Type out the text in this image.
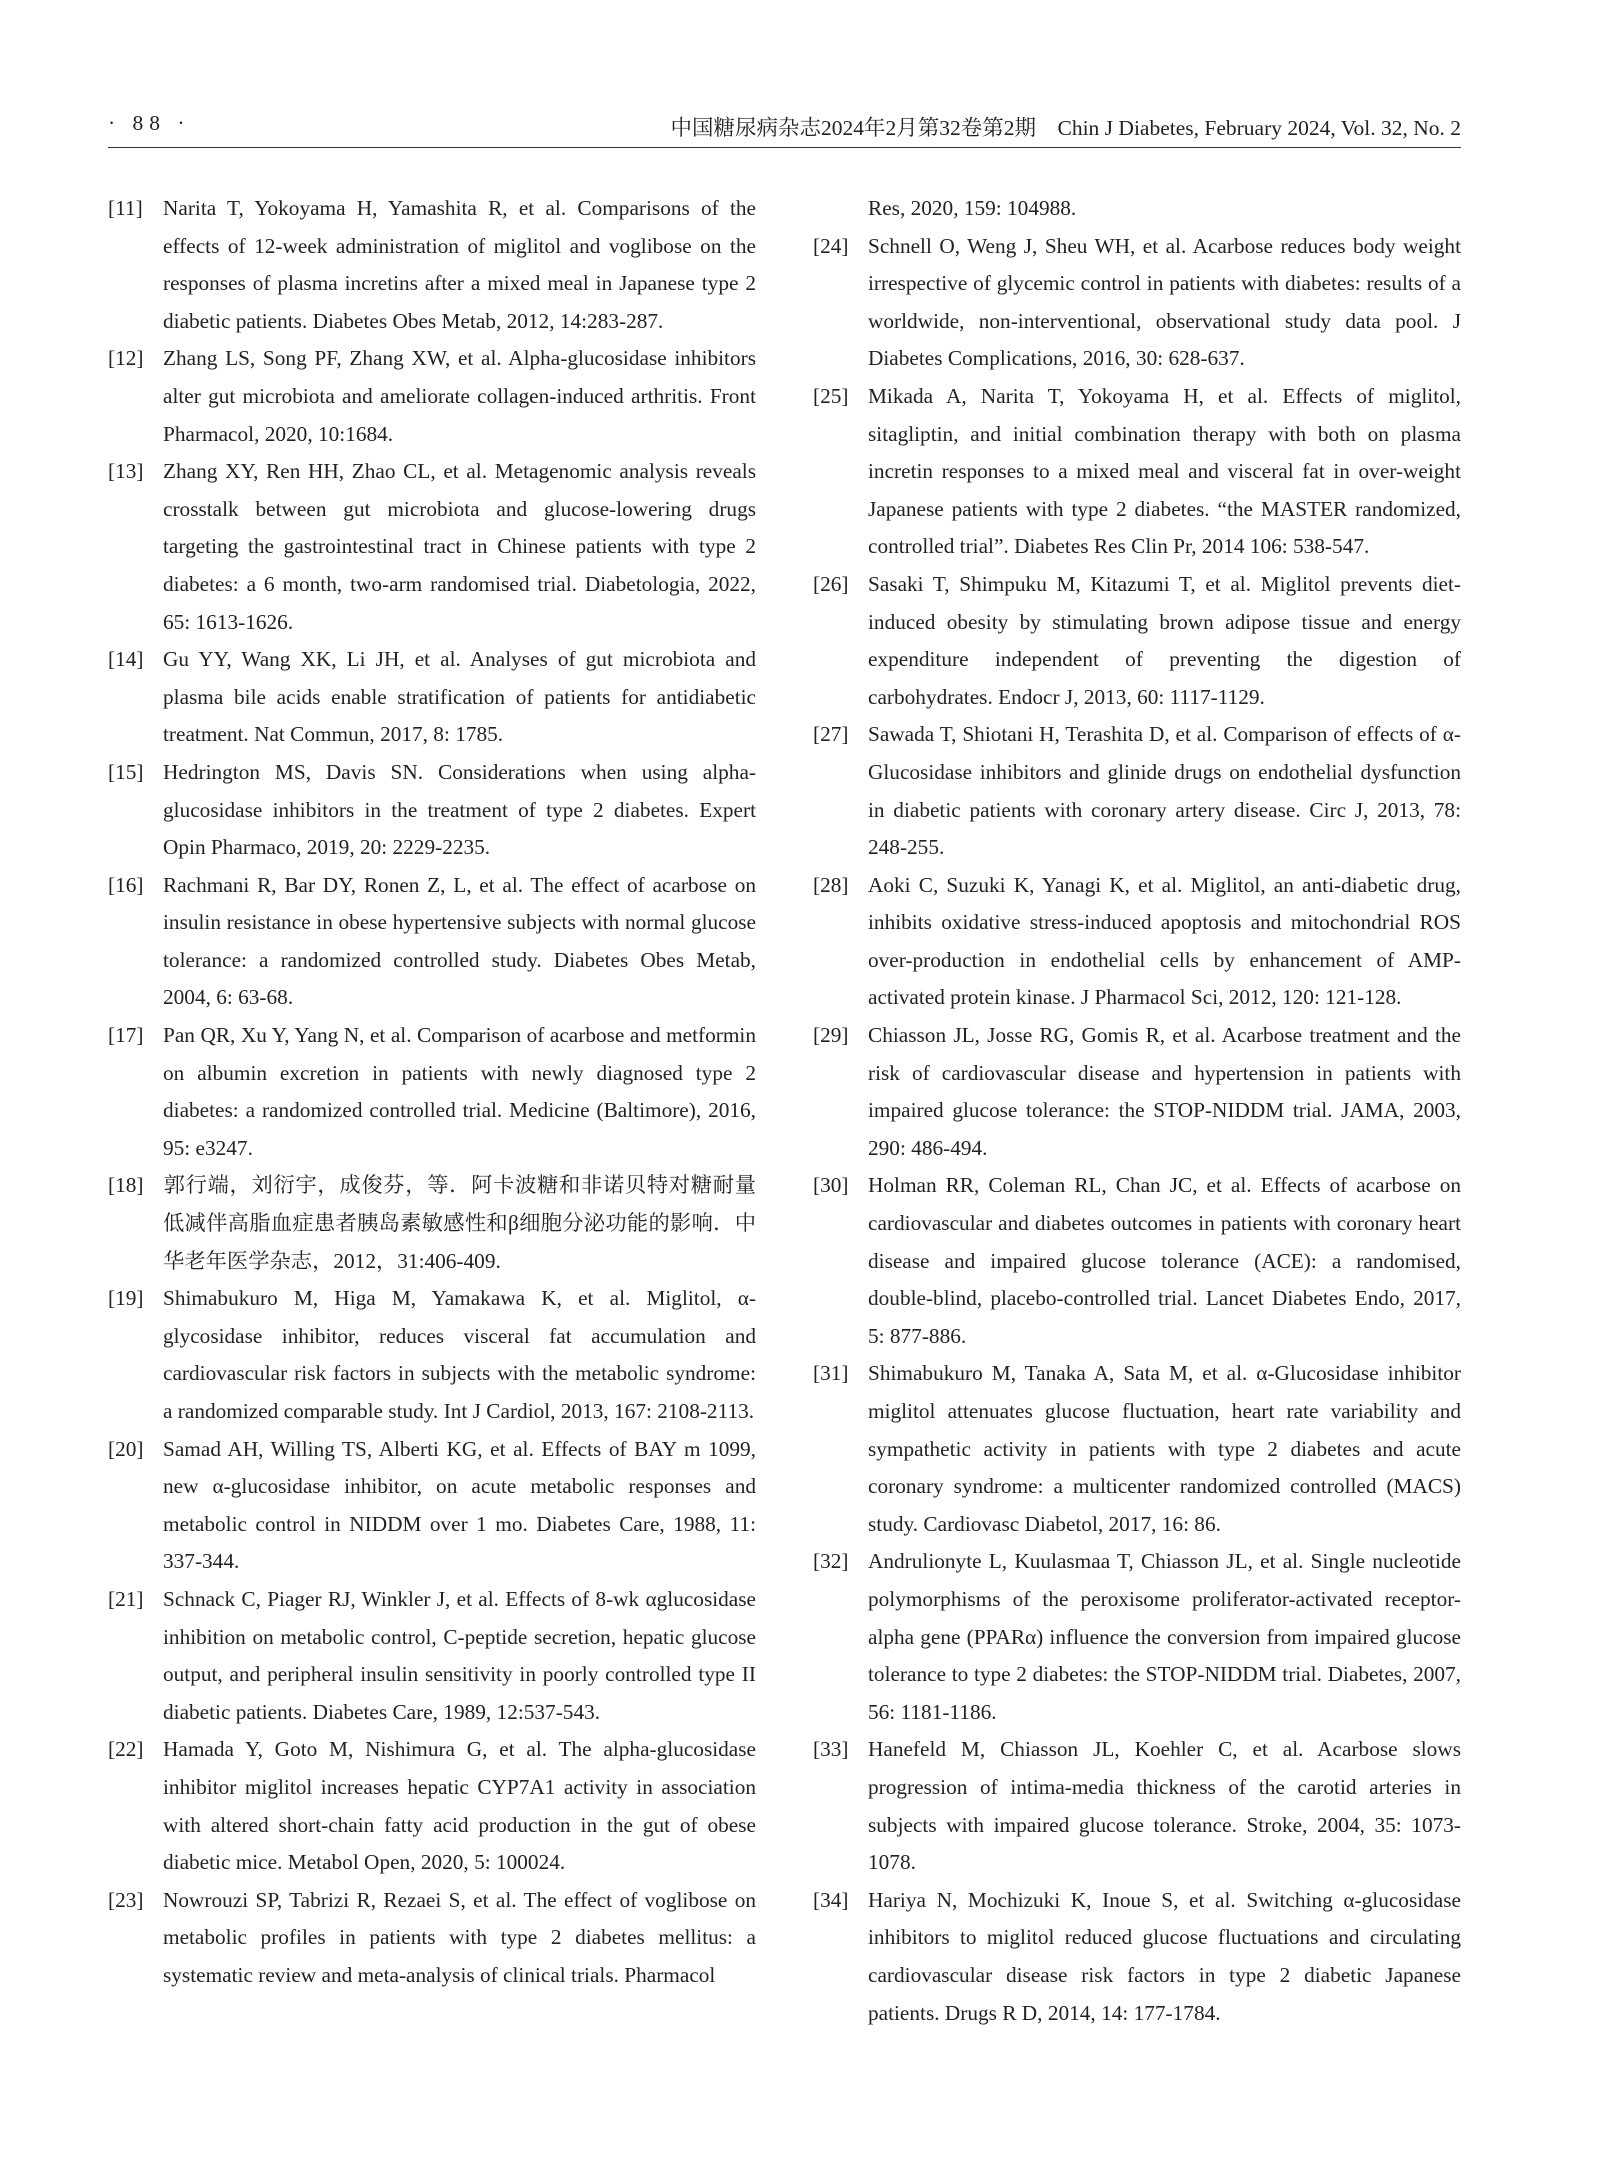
· 88 ·	中国糖尿病杂志2024年2月第32卷第2期　Chin J Diabetes, February 2024, Vol. 32, No. 2
[11] Narita T, Yokoyama H, Yamashita R, et al. Comparisons of the effects of 12-week administration of miglitol and voglibose on the responses of plasma incretins after a mixed meal in Japanese type 2 diabetic patients. Diabetes Obes Metab, 2012, 14:283-287.
[12] Zhang LS, Song PF, Zhang XW, et al. Alpha-glucosidase inhibitors alter gut microbiota and ameliorate collagen-induced arthritis. Front Pharmacol, 2020, 10:1684.
[13] Zhang XY, Ren HH, Zhao CL, et al. Metagenomic analysis reveals crosstalk between gut microbiota and glucose-lowering drugs targeting the gastrointestinal tract in Chinese patients with type 2 diabetes: a 6 month, two-arm randomised trial. Diabetologia, 2022, 65: 1613-1626.
[14] Gu YY, Wang XK, Li JH, et al. Analyses of gut microbiota and plasma bile acids enable stratification of patients for antidiabetic treatment. Nat Commun, 2017, 8: 1785.
[15] Hedrington MS, Davis SN. Considerations when using alpha-glucosidase inhibitors in the treatment of type 2 diabetes. Expert Opin Pharmaco, 2019, 20: 2229-2235.
[16] Rachmani R, Bar DY, Ronen Z, L, et al. The effect of acarbose on insulin resistance in obese hypertensive subjects with normal glucose tolerance: a randomized controlled study. Diabetes Obes Metab, 2004, 6: 63-68.
[17] Pan QR, Xu Y, Yang N, et al. Comparison of acarbose and metformin on albumin excretion in patients with newly diagnosed type 2 diabetes: a randomized controlled trial. Medicine (Baltimore), 2016, 95: e3247.
[18] 郭行端，刘衍宇，成俊芬，等．阿卡波糖和非诺贝特对糖耐量低减伴高脂血症患者胰岛素敏感性和β细胞分泌功能的影响．中华老年医学杂志，2012，31:406-409.
[19] Shimabukuro M, Higa M, Yamakawa K, et al. Miglitol, α-glycosidase inhibitor, reduces visceral fat accumulation and cardiovascular risk factors in subjects with the metabolic syndrome: a randomized comparable study. Int J Cardiol, 2013, 167: 2108-2113.
[20] Samad AH, Willing TS, Alberti KG, et al. Effects of BAY m 1099, new α-glucosidase inhibitor, on acute metabolic responses and metabolic control in NIDDM over 1 mo. Diabetes Care, 1988, 11: 337-344.
[21] Schnack C, Piager RJ, Winkler J, et al. Effects of 8-wk αglucosidase inhibition on metabolic control, C-peptide secretion, hepatic glucose output, and peripheral insulin sensitivity in poorly controlled type II diabetic patients. Diabetes Care, 1989, 12:537-543.
[22] Hamada Y, Goto M, Nishimura G, et al. The alpha-glucosidase inhibitor miglitol increases hepatic CYP7A1 activity in association with altered short-chain fatty acid production in the gut of obese diabetic mice. Metabol Open, 2020, 5: 100024.
[23] Nowrouzi SP, Tabrizi R, Rezaei S, et al. The effect of voglibose on metabolic profiles in patients with type 2 diabetes mellitus: a systematic review and meta-analysis of clinical trials. Pharmacol
Res, 2020, 159: 104988.
[24] Schnell O, Weng J, Sheu WH, et al. Acarbose reduces body weight irrespective of glycemic control in patients with diabetes: results of a worldwide, non-interventional, observational study data pool. J Diabetes Complications, 2016, 30: 628-637.
[25] Mikada A, Narita T, Yokoyama H, et al. Effects of miglitol, sitagliptin, and initial combination therapy with both on plasma incretin responses to a mixed meal and visceral fat in over-weight Japanese patients with type 2 diabetes. “the MASTER randomized, controlled trial”. Diabetes Res Clin Pr, 2014 106: 538-547.
[26] Sasaki T, Shimpuku M, Kitazumi T, et al. Miglitol prevents diet-induced obesity by stimulating brown adipose tissue and energy expenditure independent of preventing the digestion of carbohydrates. Endocr J, 2013, 60: 1117-1129.
[27] Sawada T, Shiotani H, Terashita D, et al. Comparison of effects of α-Glucosidase inhibitors and glinide drugs on endothelial dysfunction in diabetic patients with coronary artery disease. Circ J, 2013, 78: 248-255.
[28] Aoki C, Suzuki K, Yanagi K, et al. Miglitol, an anti-diabetic drug, inhibits oxidative stress-induced apoptosis and mitochondrial ROS over-production in endothelial cells by enhancement of AMP-activated protein kinase. J Pharmacol Sci, 2012, 120: 121-128.
[29] Chiasson JL, Josse RG, Gomis R, et al. Acarbose treatment and the risk of cardiovascular disease and hypertension in patients with impaired glucose tolerance: the STOP-NIDDM trial. JAMA, 2003, 290: 486-494.
[30] Holman RR, Coleman RL, Chan JC, et al. Effects of acarbose on cardiovascular and diabetes outcomes in patients with coronary heart disease and impaired glucose tolerance (ACE): a randomised, double-blind, placebo-controlled trial. Lancet Diabetes Endo, 2017, 5: 877-886.
[31] Shimabukuro M, Tanaka A, Sata M, et al. α-Glucosidase inhibitor miglitol attenuates glucose fluctuation, heart rate variability and sympathetic activity in patients with type 2 diabetes and acute coronary syndrome: a multicenter randomized controlled (MACS) study. Cardiovasc Diabetol, 2017, 16: 86.
[32] Andrulionyte L, Kuulasmaa T, Chiasson JL, et al. Single nucleotide polymorphisms of the peroxisome proliferator-activated receptor-alpha gene (PPARα) influence the conversion from impaired glucose tolerance to type 2 diabetes: the STOP-NIDDM trial. Diabetes, 2007, 56: 1181-1186.
[33] Hanefeld M, Chiasson JL, Koehler C, et al. Acarbose slows progression of intima-media thickness of the carotid arteries in subjects with impaired glucose tolerance. Stroke, 2004, 35: 1073-1078.
[34] Hariya N, Mochizuki K, Inoue S, et al. Switching α-glucosidase inhibitors to miglitol reduced glucose fluctuations and circulating cardiovascular disease risk factors in type 2 diabetic Japanese patients. Drugs R D, 2014, 14: 177-1784.
